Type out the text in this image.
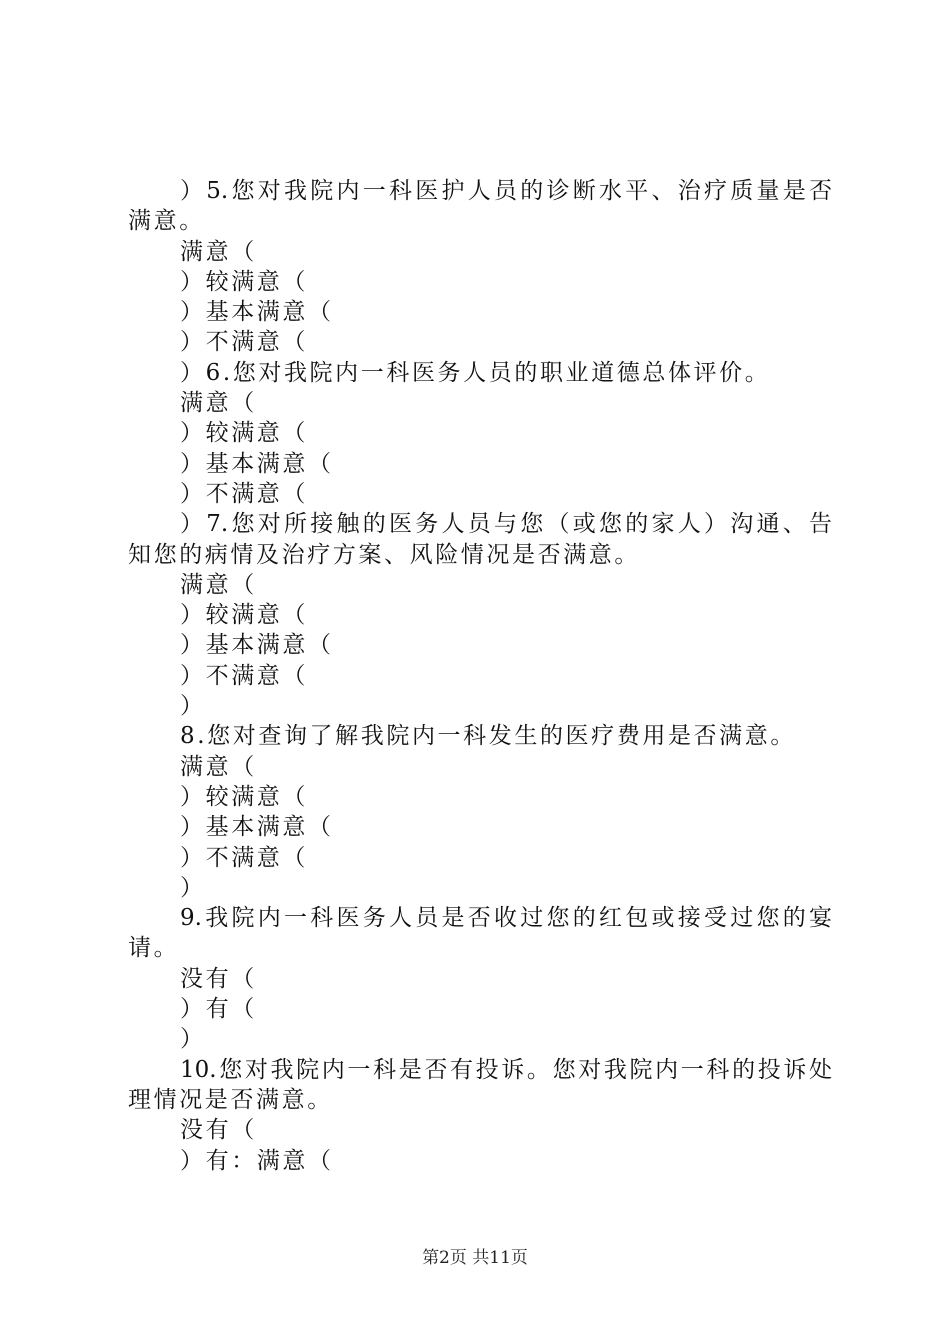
）5.您对我院内一科医护人员的诊断水平、治疗质量是否
满意。
满意（
）较满意（
）基本满意（
）不满意（
）6.您对我院内一科医务人员的职业道德总体评价。
满意（
）较满意（
）基本满意（
）不满意（
）7.您对所接触的医务人员与您（或您的家人）沟通、告
知您的病情及治疗方案、风险情况是否满意。
满意（
）较满意（
）基本满意（
）不满意（
）
8.您对查询了解我院内一科发生的医疗费用是否满意。
满意（
）较满意（
）基本满意（
）不满意（
）
9.我院内一科医务人员是否收过您的红包或接受过您的宴
请。
没有（
）有（
）
10.您对我院内一科是否有投诉。您对我院内一科的投诉处
理情况是否满意。
没有（
）有：满意（
第2页 共11页
